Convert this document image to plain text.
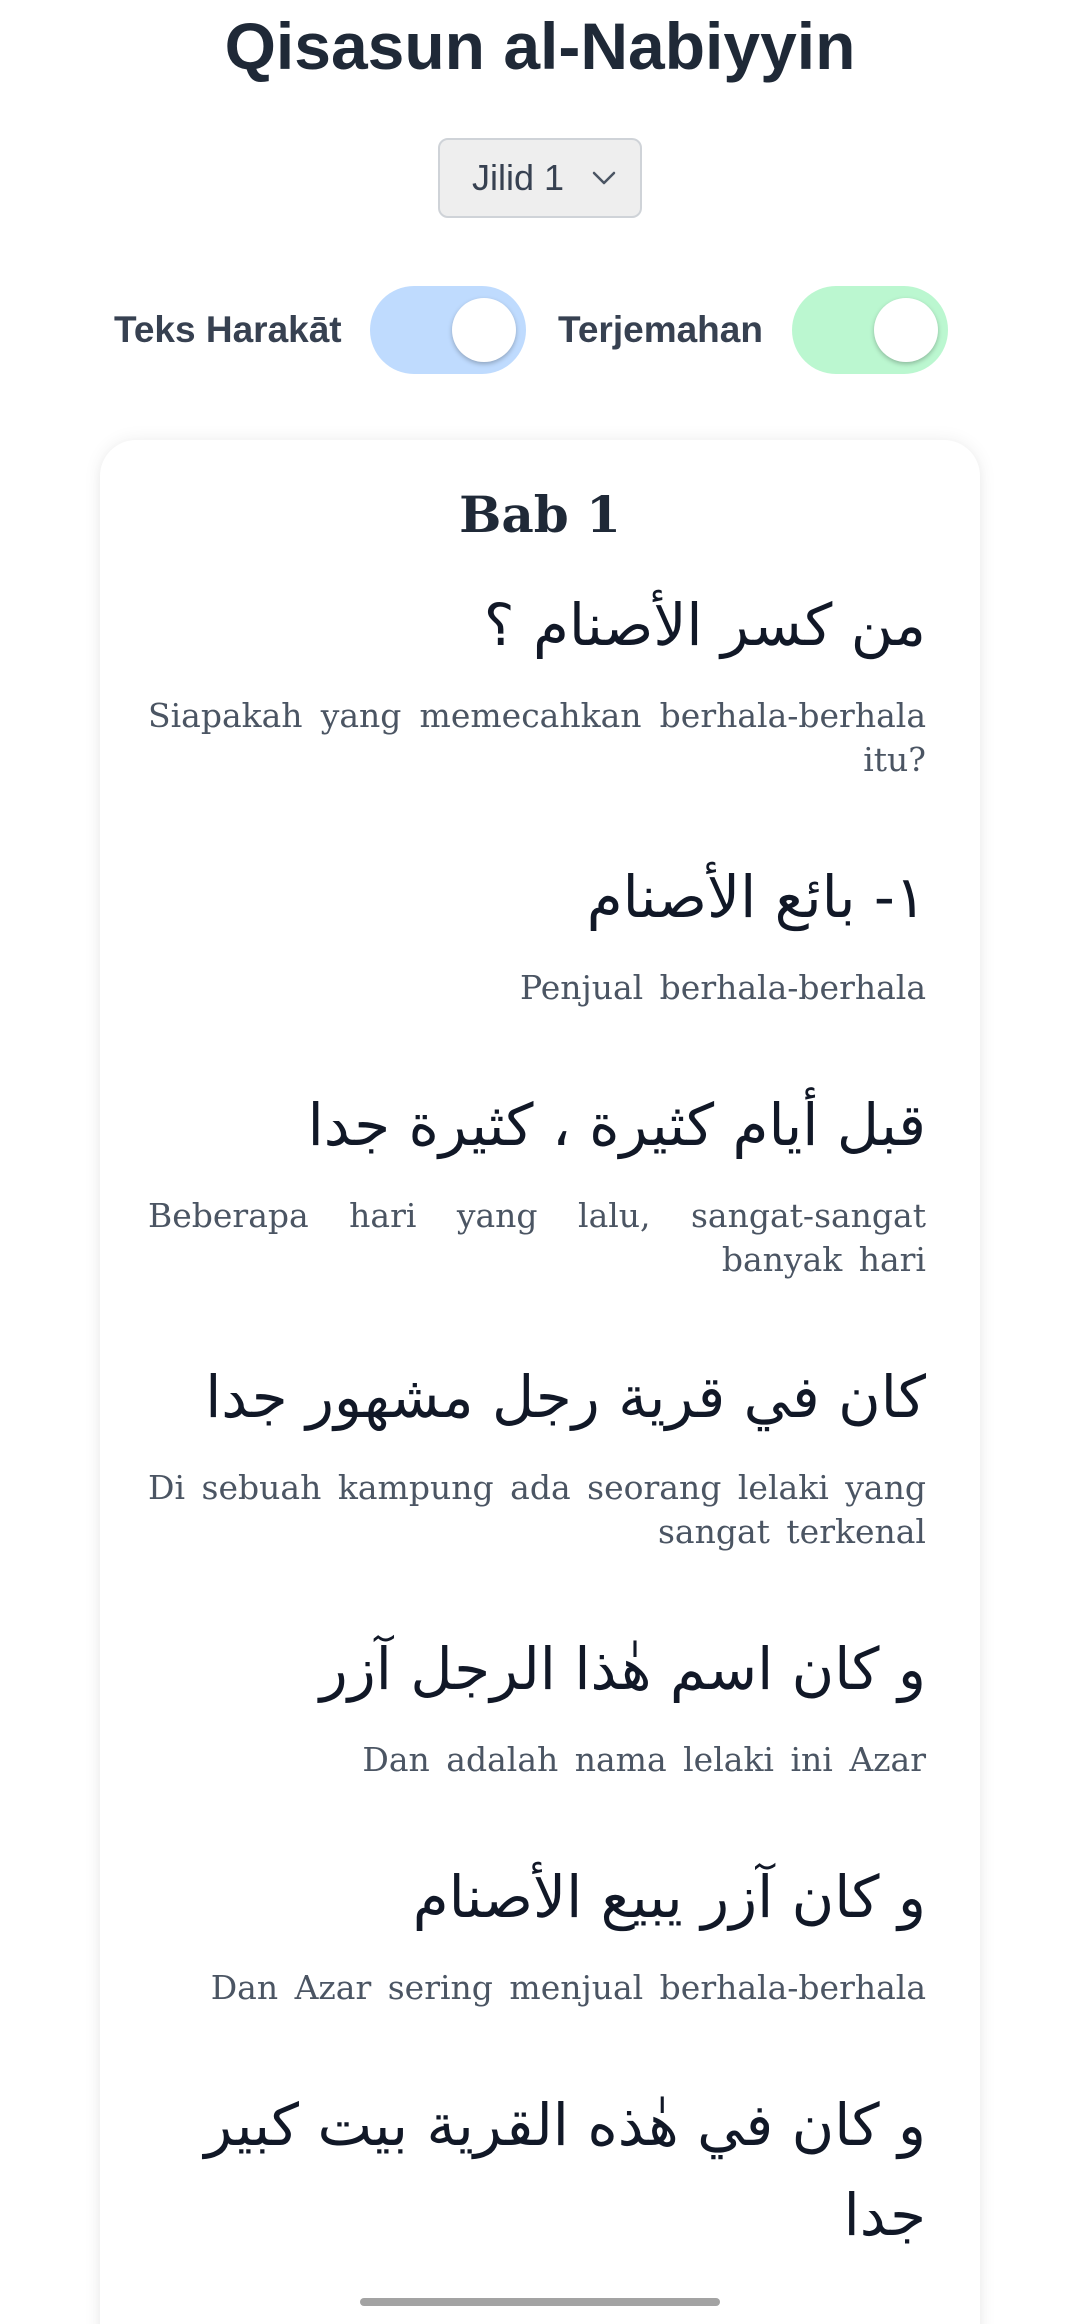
Qisasun al-Nabiyyin
Jilid 1
Teks Harakāt	Terjemahan
Bab 1

من كسر الأصنام ؟

Siapakah yang memecahkan berhala-berhala itu?

١- بائع الأصنام

Penjual berhala-berhala

قبل أيام كثيرة ، كثيرة جدا

Beberapa hari yang lalu, sangat-sangat banyak hari

كان في قرية رجل مشهور جدا

Di sebuah kampung ada seorang lelaki yang sangat terkenal

و كان اسم هٰذا الرجل آزر

Dan adalah nama lelaki ini Azar

و كان آزر يبيع الأصنام

Dan Azar sering menjual berhala-berhala

و كان في هٰذه القرية بيت كبير جدا
